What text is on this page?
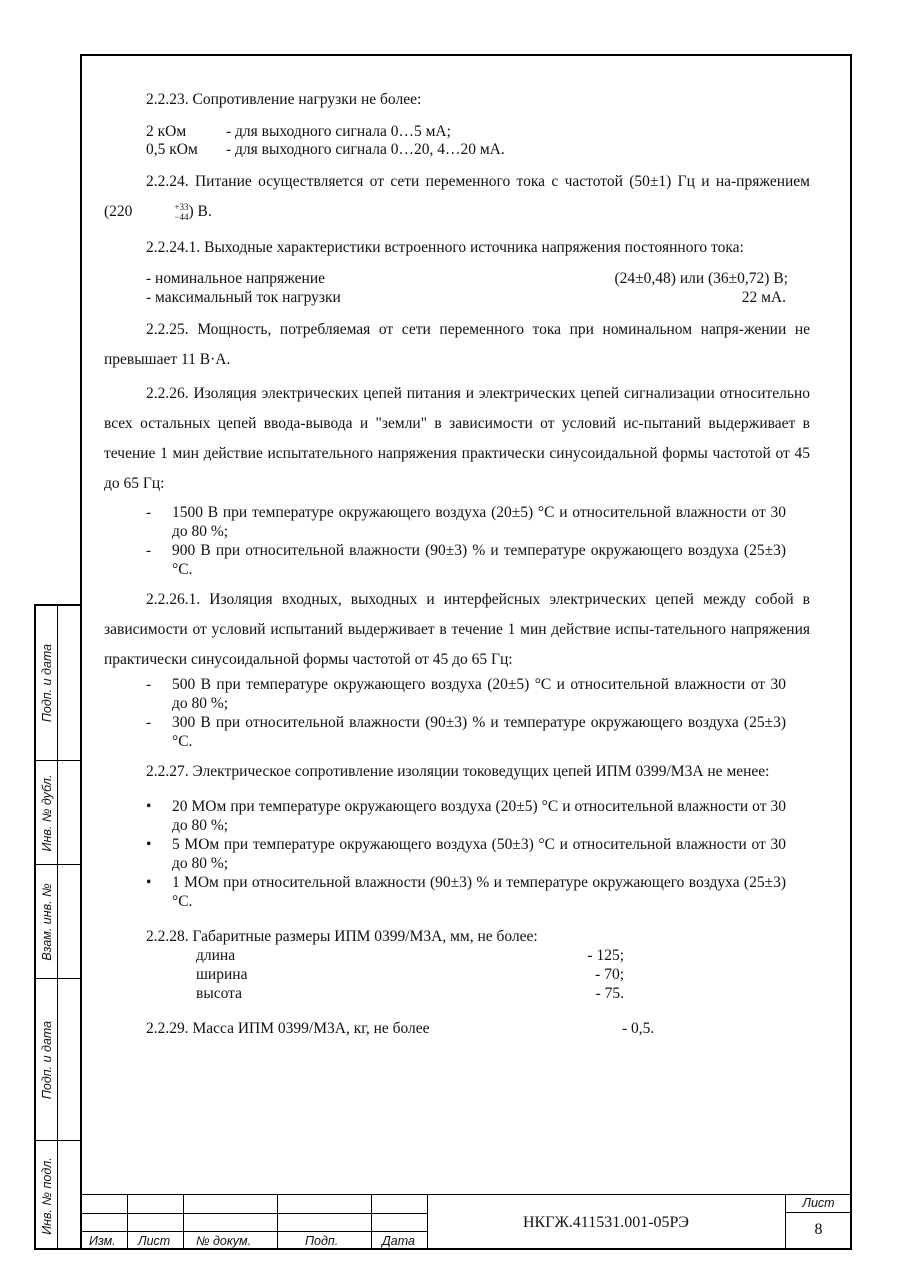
2.2.23. Сопротивление нагрузки не более:

2 кОм	- для выходного сигнала 0…5 мА;
0,5 кОм	- для выходного сигнала 0…20, 4…20 мА.

2.2.24. Питание осуществляется от сети переменного тока с частотой (50±1) Гц и на-пряжением (220	+33
−44 ) В.

2.2.24.1. Выходные характеристики встроенного источника напряжения постоянного тока:

- номинальное напряжение	(24±0,48) или (36±0,72) В;
- максимальный ток нагрузки	22 мА.

2.2.25. Мощность, потребляемая от сети переменного тока при номинальном напря-жении не превышает 11 В·А.

2.2.26. Изоляция электрических цепей питания и электрических цепей сигнализации относительно всех остальных цепей ввода-вывода и "земли" в зависимости от условий ис-пытаний выдерживает в течение 1 мин действие испытательного напряжения практически синусоидальной формы частотой от 45 до 65 Гц:

- 1500 В при температуре окружающего воздуха (20±5) °С и относительной влажности от 30 до 80 %;
- 900 В при относительной влажности (90±3) % и температуре окружающего воздуха (25±3) °С.

2.2.26.1. Изоляция входных, выходных и интерфейсных электрических цепей между собой в зависимости от условий испытаний выдерживает в течение 1 мин действие испы-тательного напряжения практически синусоидальной формы частотой от 45 до 65 Гц:

- 500 В при температуре окружающего воздуха (20±5) °С и относительной влажности от 30 до 80 %;
- 300 В при относительной влажности (90±3) % и температуре окружающего воздуха (25±3) °С.

2.2.27. Электрическое сопротивление изоляции токоведущих цепей ИПМ 0399/М3А не менее:

• 20 МОм при температуре окружающего воздуха (20±5) °С и относительной влажности от 30 до 80 %;
• 5 МОм при температуре окружающего воздуха (50±3) °С и относительной влажности от 30 до 80 %;
• 1 МОм при относительной влажности (90±3) % и температуре окружающего воздуха (25±3) °С.

2.2.28. Габаритные размеры ИПМ 0399/М3А, мм, не более:

длина	- 125;
ширина	- 70;
высота	- 75.
2.2.29. Масса ИПМ 0399/М3А, кг, не более	- 0,5.
Подп. и дата
Инв. № дубл.
Взам. инв. №
Подп. и дата
Инв. № подл.
Изм. Лист № докум.	Подп.	Дата
НКГЖ.411531.001-05РЭ
Лист
8
